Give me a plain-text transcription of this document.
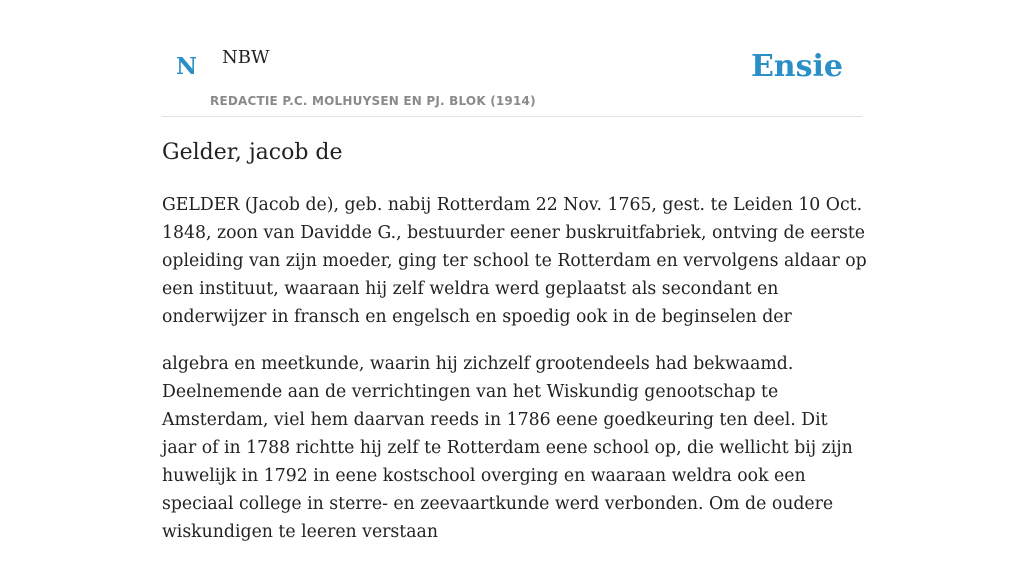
N NBW
REDACTIE P.C. MOLHUYSEN EN PJ. BLOK (1914)
Ensie
Gelder, jacob de

GELDER (Jacob de), geb. nabij Rotterdam 22 Nov. 1765, gest. te Leiden 10 Oct. 1848, zoon van Davidde G., bestuurder eener buskruitfabriek, ontving de eerste opleiding van zijn moeder, ging ter school te Rotterdam en vervolgens aldaar op een instituut, waaraan hij zelf weldra werd geplaatst als secondant en onderwijzer in fransch en engelsch en spoedig ook in de beginselen der

algebra en meetkunde, waarin hij zichzelf grootendeels had bekwaamd. Deelnemende aan de verrichtingen van het Wiskundig genootschap te Amsterdam, viel hem daarvan reeds in 1786 eene goedkeuring ten deel. Dit jaar of in 1788 richtte hij zelf te Rotterdam eene school op, die wellicht bij zijn huwelijk in 1792 in eene kostschool overging en waaraan weldra ook een speciaal college in sterre- en zeevaartkunde werd verbonden. Om de oudere wiskundigen te leeren verstaan
